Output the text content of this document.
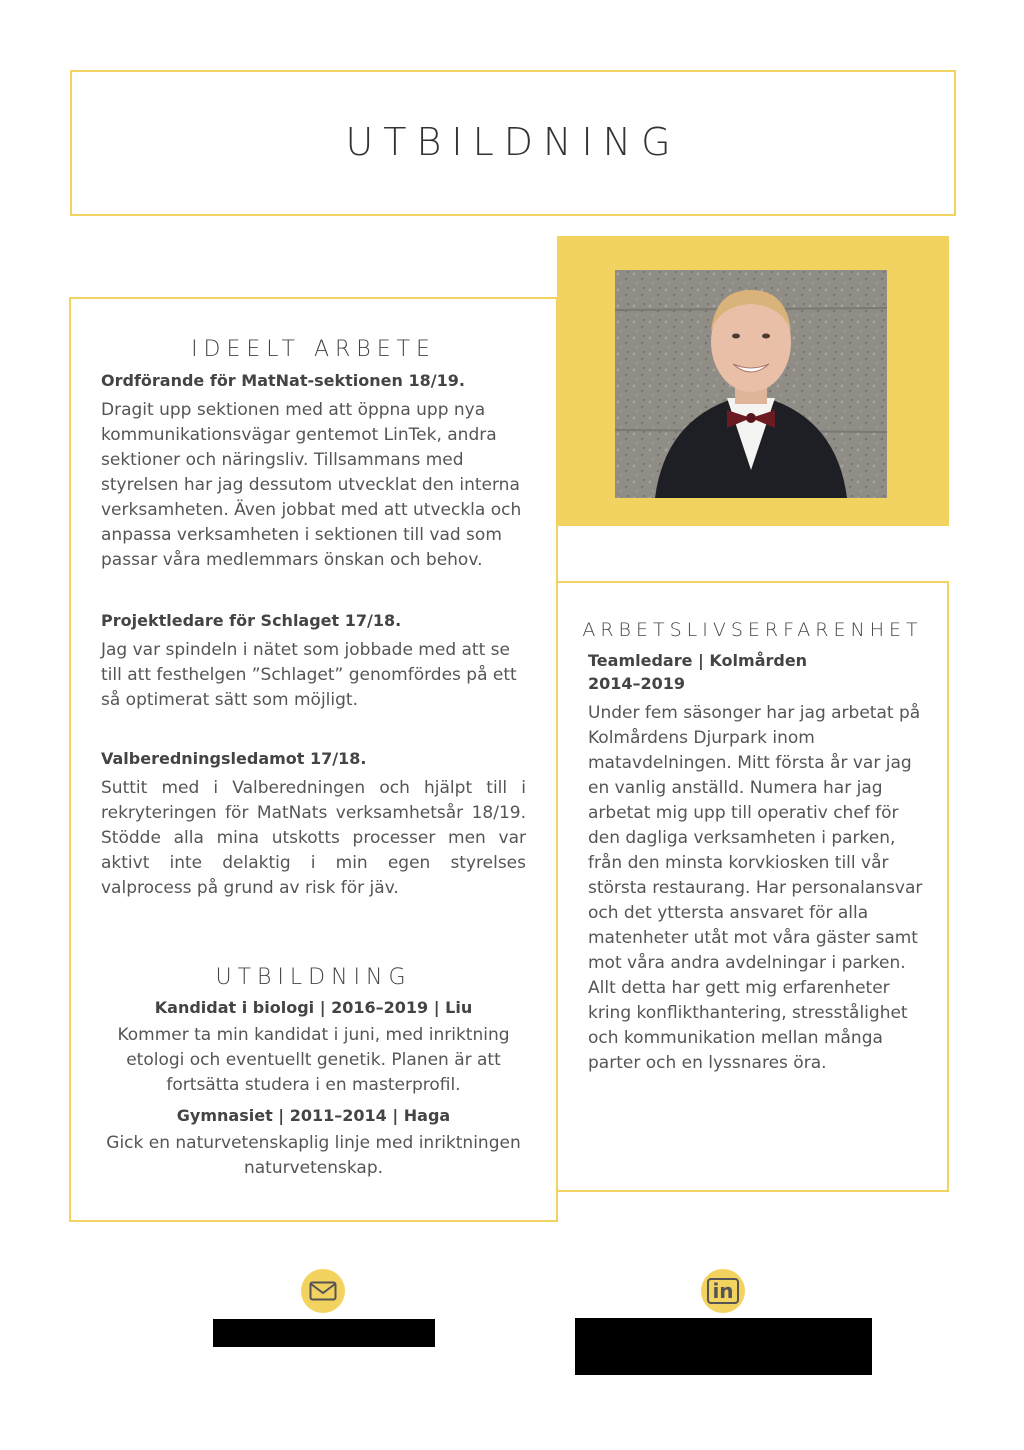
UTBILDNING
IDEELT ARBETE
Ordförande för MatNat-sektionen 18/19.
Dragit upp sektionen med att öppna upp nya kommunikationsvägar gentemot LinTek, andra sektioner och näringsliv. Tillsammans med styrelsen har jag dessutom utvecklat den interna verksamheten. Även jobbat med att utveckla och anpassa verksamheten i sektionen till vad som passar våra medlemmars önskan och behov.
Projektledare för Schlaget 17/18.
Jag var spindeln i nätet som jobbade med att se till att festhelgen ”Schlaget” genomfördes på ett så optimerat sätt som möjligt.
Valberedningsledamot 17/18.
Suttit med i Valberedningen och hjälpt till i rekryteringen för MatNats verksamhetsår 18/19. Stödde alla mina utskotts processer men var aktivt inte delaktig i min egen styrelses valprocess på grund av risk för jäv.
UTBILDNING
Kandidat i biologi | 2016–2019 | Liu
Kommer ta min kandidat i juni, med inriktning etologi och eventuellt genetik. Planen är att fortsätta studera i en masterprofil.
Gymnasiet | 2011–2014 | Haga
Gick en naturvetenskaplig linje med inriktningen naturvetenskap.
ARBETSLIVSERFARENHET
Teamledare | Kolmården
2014–2019
Under fem säsonger har jag arbetat på Kolmårdens Djurpark inom matavdelningen. Mitt första år var jag en vanlig anställd. Numera har jag arbetat mig upp till operativ chef för den dagliga verksamheten i parken, från den minsta korvkiosken till vår största restaurang. Har personalansvar och det yttersta ansvaret för alla matenheter utåt mot våra gäster samt mot våra andra avdelningar i parken. Allt detta har gett mig erfarenheter kring konflikthantering, stresstålighet och kommunikation mellan många parter och en lyssnares öra.
in
